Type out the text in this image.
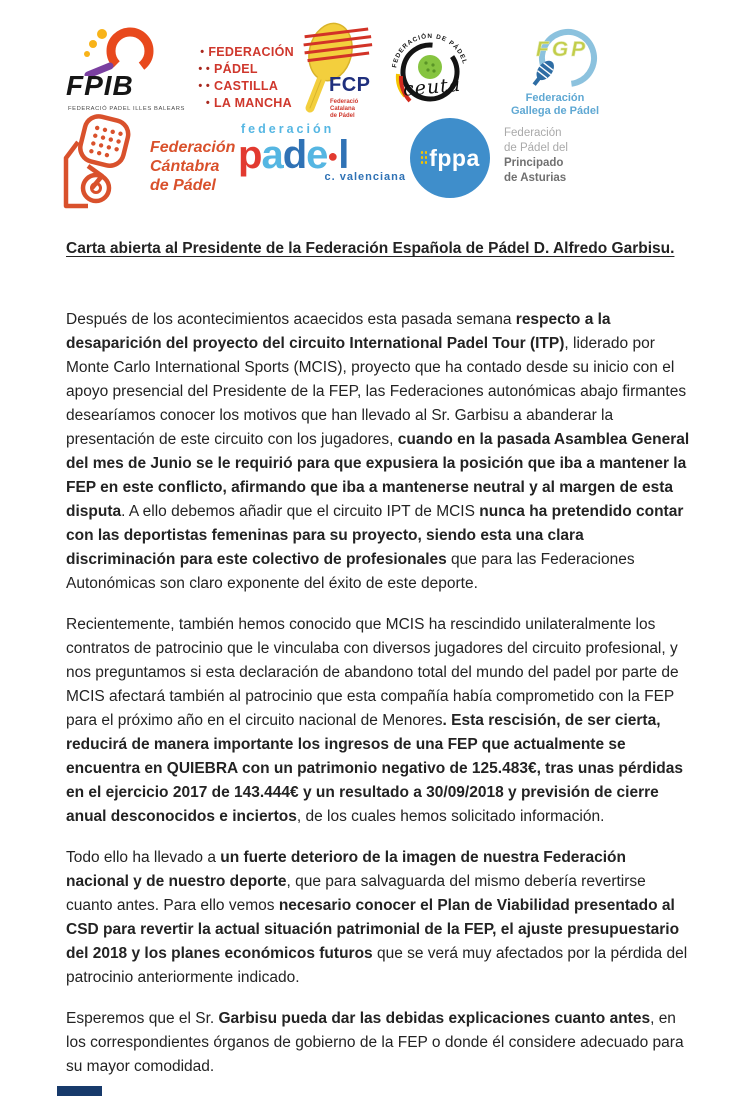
FPIB
FEDERACIÓ PADEL ILLES BALEARS
• FEDERACIÓN
• • PÁDEL
• • CASTILLA
• LA MANCHA
FCP
Federació Catalana
de Pádel
FEDERACIÓN DE PÁDEL
ceuta
FGP
Federación
Gallega de Pádel
Federación
Cántabra
de Pádel
federación
pade●l
c. valenciana
fppa
Federación
de Pádel del
Principado
de Asturias

Carta abierta al Presidente de la Federación Española de Pádel D. Alfredo Garbisu.

Después de los acontecimientos acaecidos esta pasada semana respecto a la desaparición del proyecto del circuito International Padel Tour (ITP), liderado por Monte Carlo International Sports (MCIS), proyecto que ha contado desde su inicio con el apoyo presencial del Presidente de la FEP, las Federaciones autonómicas abajo firmantes desearíamos conocer los motivos que han llevado al Sr. Garbisu a abanderar la presentación de este circuito con los jugadores, cuando en la pasada Asamblea General del mes de Junio se le requirió para que expusiera la posición que iba a mantener la FEP en este conflicto, afirmando que iba a mantenerse neutral y al margen de esta disputa. A ello debemos añadir que el circuito IPT de MCIS nunca ha pretendido contar con las deportistas femeninas para su proyecto, siendo esta una clara discriminación para este colectivo de profesionales que para las Federaciones Autonómicas son claro exponente del éxito de este deporte.

Recientemente, también hemos conocido que MCIS ha rescindido unilateralmente los contratos de patrocinio que le vinculaba con diversos jugadores del circuito profesional, y nos preguntamos si esta declaración de abandono total del mundo del padel por parte de MCIS afectará también al patrocinio que esta compañía había comprometido con la FEP para el próximo año en el circuito nacional de Menores. Esta rescisión, de ser cierta, reducirá de manera importante los ingresos de una FEP que actualmente se encuentra en QUIEBRA con un patrimonio negativo de 125.483€, tras unas pérdidas en el ejercicio 2017 de 143.444€ y un resultado a 30/09/2018 y previsión de cierre anual desconocidos e inciertos, de los cuales hemos solicitado información.

Todo ello ha llevado a un fuerte deterioro de la imagen de nuestra Federación nacional y de nuestro deporte, que para salvaguarda del mismo debería revertirse cuanto antes. Para ello vemos necesario conocer el Plan de Viabilidad presentado al CSD para revertir la actual situación patrimonial de la FEP, el ajuste presupuestario del 2018 y los planes económicos futuros que se verá muy afectados por la pérdida del patrocinio anteriormente indicado.

Esperemos que el Sr. Garbisu pueda dar las debidas explicaciones cuanto antes, en los correspondientes órganos de gobierno de la FEP o donde él considere adecuado para su mayor comodidad.
